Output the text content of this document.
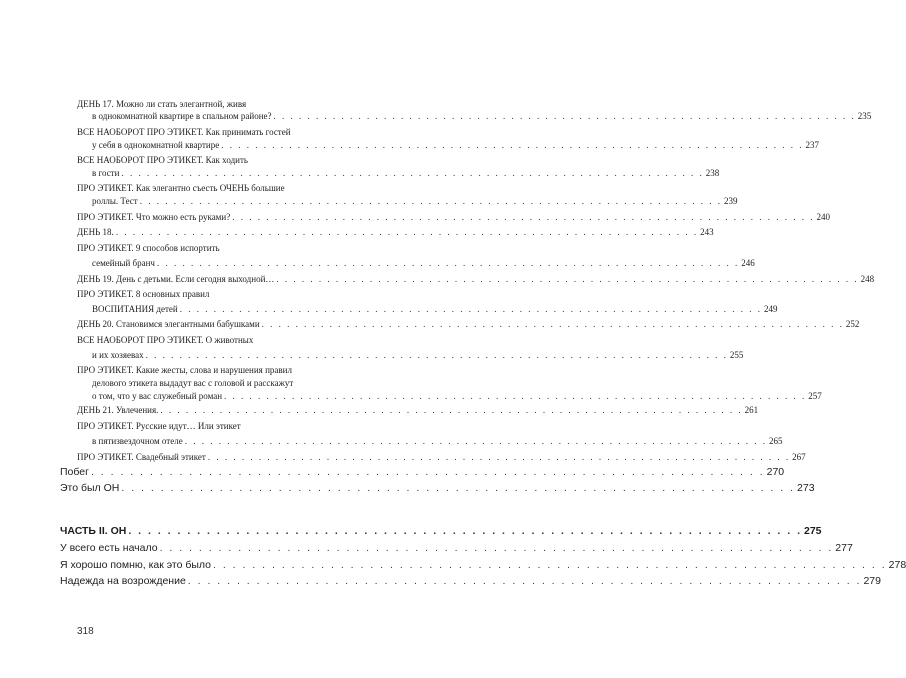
ДЕНЬ 17. Можно ли стать элегантной, живя
в однокомнатной квартире в спальном районе? . . .	235
ВСЕ НАОБОРОТ ПРО ЭТИКЕТ. Как принимать гостей
у себя в однокомнатной квартире . . .	237
ВСЕ НАОБОРОТ ПРО ЭТИКЕТ. Как ходить
в гости . . .	238
ПРО ЭТИКЕТ. Как элегантно съесть ОЧЕНЬ большие
роллы. Тест . . .	239
ПРО ЭТИКЕТ. Что можно есть руками? . . .	240
ДЕНЬ 18. . . .	243
ПРО ЭТИКЕТ. 9 способов испортить
семейный бранч . . .	246
ДЕНЬ 19. День с детьми. Если сегодня выходной… . . .	248
ПРО ЭТИКЕТ. 8 основных правил
ВОСПИТАНИЯ детей . . .	249
ДЕНЬ 20. Становимся элегантными бабушками . . .	252
ВСЕ НАОБОРОТ ПРО ЭТИКЕТ. О животных
и их хозяевах . . .	255
ПРО ЭТИКЕТ. Какие жесты, слова и нарушения правил
делового этикета выдадут вас с головой и расскажут
о том, что у вас служебный роман . . .	257
ДЕНЬ 21. Увлечения. . . .	261
ПРО ЭТИКЕТ. Русские идут… Или этикет
в пятизвездочном отеле . . .	265
ПРО ЭТИКЕТ. Свадебный этикет . . .	267
Побег . . .	270
Это был ОН . . .	273
ЧАСТЬ II. ОН . . .	275
У всего есть начало . . .	277
Я хорошо помню, как это было . . .	278
Надежда на возрождение . . .	279
318
